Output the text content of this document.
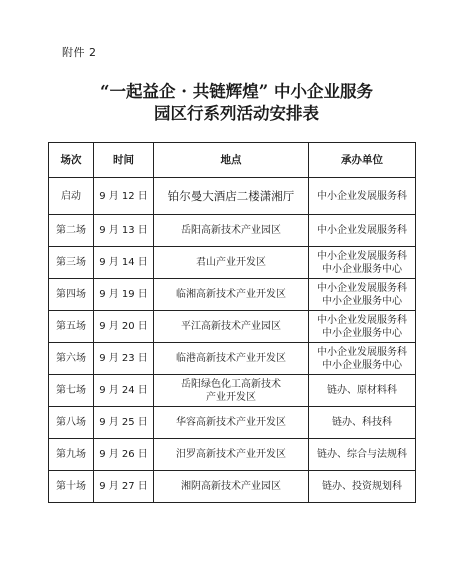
附件 2
“一起益企 · 共链辉煌” 中小企业服务
园区行系列活动安排表
场次	时间	地点	承办单位
启动	9 月 12 日	铂尔曼大酒店二楼潇湘厅	中小企业发展服务科

第二场	9 月 13 日	岳阳高新技术产业园区	中小企业发展服务科

第三场	9 月 14 日	君山产业开发区	中小企业发展服务科
中小企业服务中心

第四场	9 月 19 日	临湘高新技术产业开发区	中小企业发展服务科
中小企业服务中心

第五场	9 月 20 日	平江高新技术产业园区	中小企业发展服务科
中小企业服务中心

第六场	9 月 23 日	临港高新技术产业开发区	中小企业发展服务科
中小企业服务中心

第七场	9 月 24 日	岳阳绿色化工高新技术
产业开发区	链办、原材料科

第八场	9 月 25 日	华容高新技术产业开发区	链办、科技科

第九场	9 月 26 日	汨罗高新技术产业开发区	链办、综合与法规科

第十场	9 月 27 日	湘阴高新技术产业园区	链办、投资规划科
